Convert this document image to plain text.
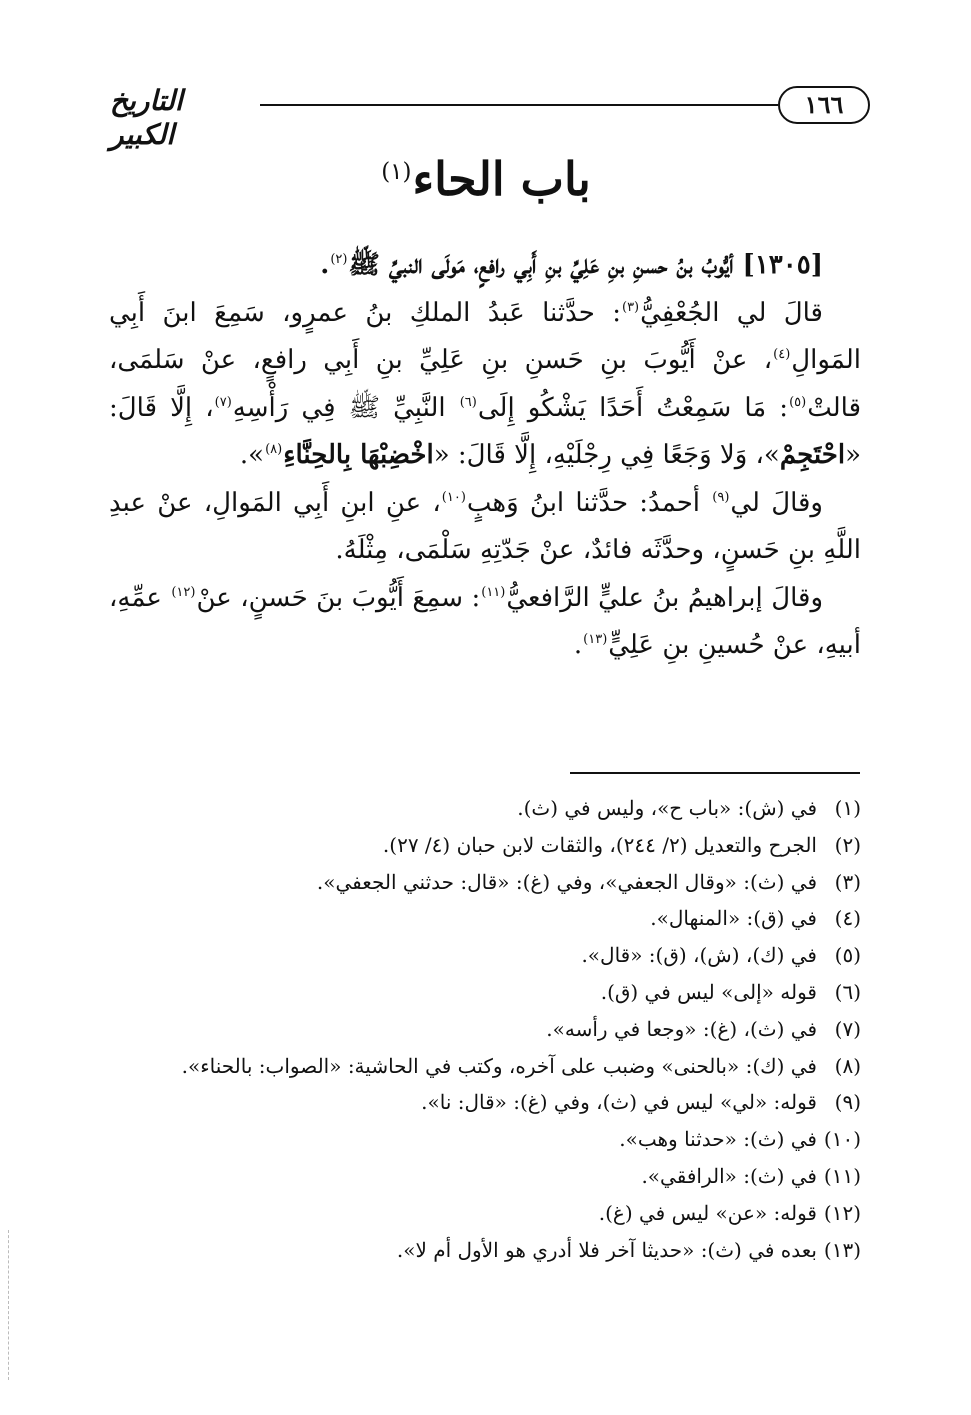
١٦٦
التاريخ الكبير
باب الحاء$^{(١)}$

[١٣٠٥] أيُّوبُ بنُ حسنِ بنِ عَلِيِّ بنِ أَبِي رافعٍ، مَولَى النبيِّ ﷺ$^{(٢)}$.

قالَ لي الجُعْفِيُّ$^{(٣)}$: حدَّثنا عَبدُ الملكِ بنُ عمرٍو، سَمِعَ ابنَ أَبِي المَوالِ$^{(٤)}$، عنْ أَيُّوبَ بنِ حَسنِ بنِ عَلِيِّ بنِ أَبِي رافعٍ، عنْ سَلمَى، قالتْ$^{(٥)}$: مَا سَمِعْتُ أَحَدًا يَشْكُو إِلَى$^{(٦)}$ النَّبِيِّ ﷺ فِي رَأْسِهِ$^{(٧)}$، إِلَّا قَالَ: «احْتَجِمْ»، وَلا وَجَعًا فِي رِجْلَيْهِ، إِلَّا قَالَ: «اخْضِبْهَا بِالحِنَّاءِ$^{(٨)}$».

وقالَ لي$^{(٩)}$ أحمدُ: حدَّثنا ابنُ وَهبٍ$^{(١٠)}$، عنِ ابنِ أَبِي المَوالِ، عنْ عبدِ اللَّهِ بنِ حَسنٍ، وحدَّثَه فائدٌ، عنْ جَدّتِهِ سَلْمَى، مِثْلَهُ.

وقالَ إبراهيمُ بنُ عليٍّ الرَّافعيُّ$^{(١١)}$: سمِعَ أَيُّوبَ بنَ حَسنٍ، عنْ$^{(١٢)}$ عمِّهِ، أبيهِ، عنْ حُسينِ بنِ عَلِيٍّ$^{(١٣)}$.

(١)
في (ش): «باب ح»، وليس في (ث).
(٢)
الجرح والتعديل (٢/ ٢٤٤)، والثقات لابن حبان (٤/ ٢٧).
(٣)
في (ث): «وقال الجعفي»، وفي (غ): «قال: حدثني الجعفي».
(٤)
في (ق): «المنهال».
(٥)
في (ك)، (ش)، (ق): «قال».
(٦)
قوله «إلى» ليس في (ق).
(٧)
في (ث)، (غ): «وجعا في رأسه».
(٨)
في (ك): «بالحنى» وضبب على آخره، وكتب في الحاشية: «الصواب: بالحناء».
(٩)
قوله: «لي» ليس في (ث)، وفي (غ): «قال: نا».
(١٠)
في (ث): «حدثنا وهب».
(١١)
في (ث): «الرافقي».
(١٢)
قوله: «عن» ليس في (غ).
(١٣)
بعده في (ث): «حديثا آخر فلا أدري هو الأول أم لا».
